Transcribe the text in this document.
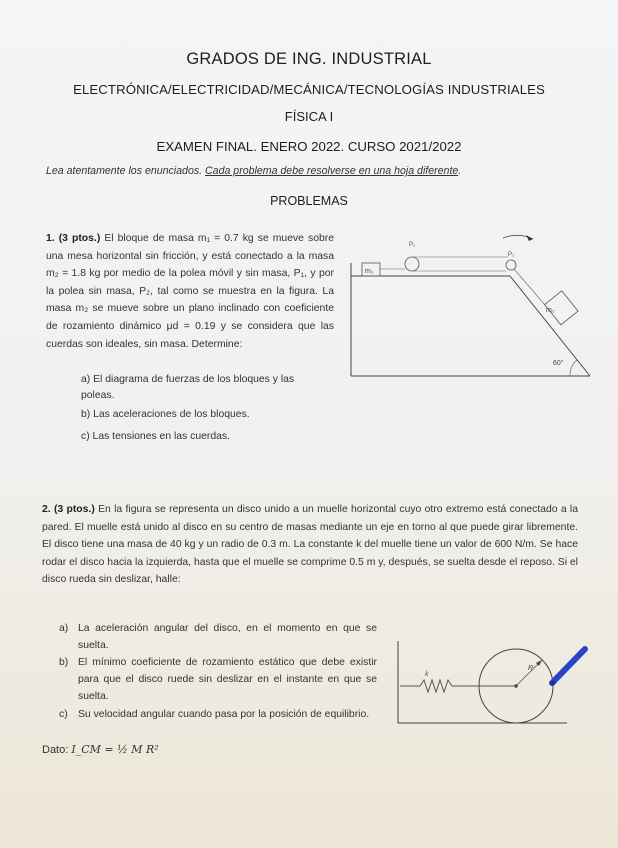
GRADOS DE ING. INDUSTRIAL
ELECTRÓNICA/ELECTRICIDAD/MECÁNICA/TECNOLOGÍAS INDUSTRIALES
FÍSICA I
EXAMEN FINAL. ENERO 2022. CURSO 2021/2022
Lea atentamente los enunciados. Cada problema debe resolverse en una hoja diferente.
PROBLEMAS
1. (3 ptos.) El bloque de masa m₁ = 0.7 kg se mueve sobre una mesa horizontal sin fricción, y está conectado a la masa m₂ = 1.8 kg por medio de la polea móvil y sin masa, P₁, y por la polea sin masa, P₂, tal como se muestra en la figura. La masa m₂ se mueve sobre un plano inclinado con coeficiente de rozamiento dinámico μd = 0.19 y se considera que las cuerdas son ideales, sin masa. Determine:
a) El diagrama de fuerzas de los bloques y las poleas.
b) Las aceleraciones de los bloques.
c) Las tensiones en las cuerdas.
m₁
P₁
P₂
m₂
60°
2. (3 ptos.) En la figura se representa un disco unido a un muelle horizontal cuyo otro extremo está conectado a la pared. El muelle está unido al disco en su centro de masas mediante un eje en torno al que puede girar libremente. El disco tiene una masa de 40 kg y un radio de 0.3 m. La constante k del muelle tiene un valor de 600 N/m. Se hace rodar el disco hacia la izquierda, hasta que el muelle se comprime 0.5 m y, después, se suelta desde el reposo. Si el disco rueda sin deslizar, halle:
a) La aceleración angular del disco, en el momento en que se suelta.
b) El mínimo coeficiente de rozamiento estático que debe existir para que el disco ruede sin deslizar en el instante en que se suelta.
c) Su velocidad angular cuando pasa por la posición de equilibrio.
Dato: I_CM = ½ M R²
k
R
